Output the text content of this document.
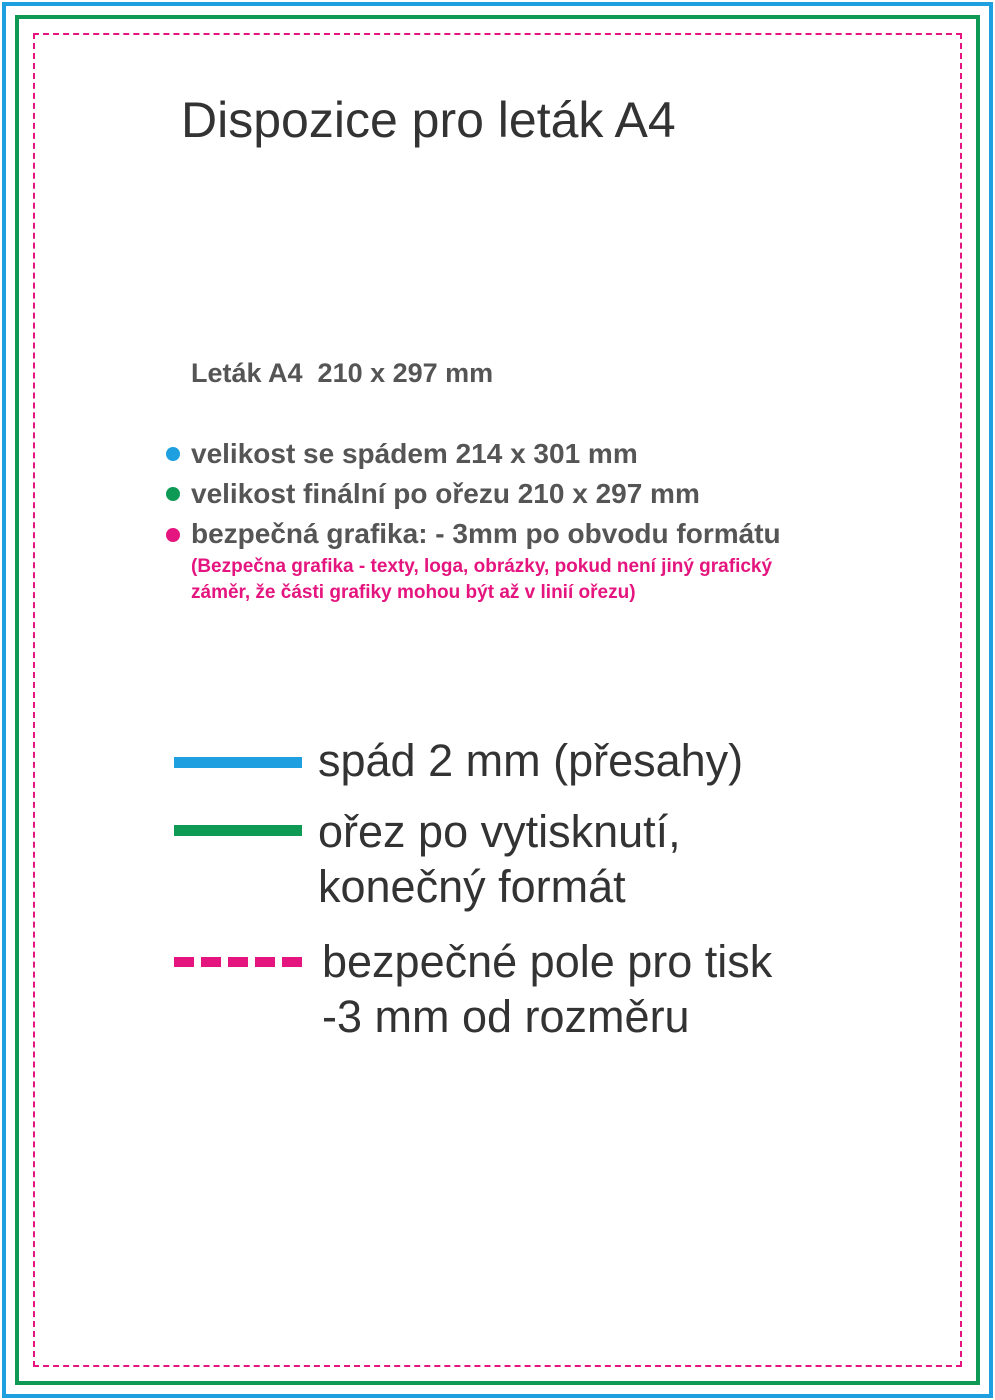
Dispozice pro leták A4
Leták A4  210 x 297 mm
velikost se spádem 214 x 301 mm
velikost finální po ořezu 210 x 297 mm
bezpečná grafika: - 3mm po obvodu formátu
(Bezpečna grafika - texty, loga, obrázky, pokud není jiný grafický
záměr, že části grafiky mohou být až v linií ořezu)
spád 2 mm (přesahy)
ořez po vytisknutí,
konečný formát
bezpečné pole pro tisk
-3 mm od rozměru
